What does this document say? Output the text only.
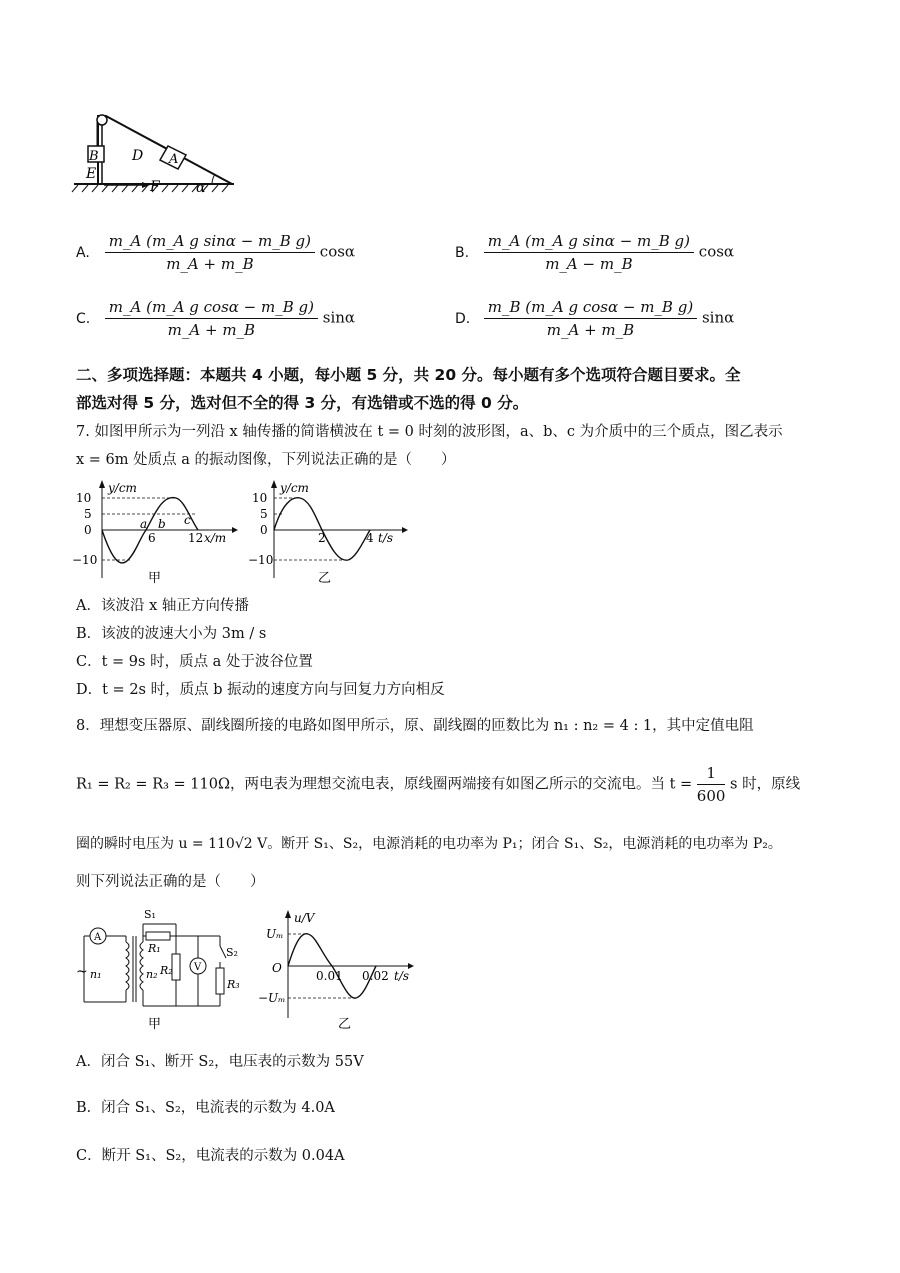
B D A
E
F	α
A. $\frac{\text{m\_A (m\_A g sinα − m\_B g)}}{m\_A + m\_B}$ cosα	B. $\frac{\text{m\_A (m\_A g sinα − m\_B g)}}{m\_A - m\_B}$ cosα
C. $\frac{\text{m\_A (m\_A g cosα − m\_B g)}}{m\_A + m\_B}$ sinα	D. $\frac{\text{m\_B (m\_A g cosα − m\_B g)}}{m\_A + m\_B}$ sinα
二、多项选择题：本题共 4 小题，每小题 5 分，共 20 分。每小题有多个选项符合题目要求。全
部选对得 5 分，选对但不全的得 3 分，有选错或不选的得 0 分。
7. 如图甲所示为一列沿 x 轴传播的简谐横波在 t = 0 时刻的波形图，a、b、c 为介质中的三个质点，图乙表示
x = 6m 处质点 a 的振动图像，下列说法正确的是（　　）
10
5
0
−10
y/cm
6	12 x/m
a b c
甲
10
5
0
−10
y/cm
2	4 t/s
乙
A．该波沿 x 轴正方向传播
B．该波的波速大小为 3m / s
C．t = 9s 时，质点 a 处于波谷位置
D．t = 2s 时，质点 b 振动的速度方向与回复力方向相反
8．理想变压器原、副线圈所接的电路如图甲所示，原、副线圈的匝数比为 n₁ : n₂ = 4 : 1，其中定值电阻
R₁ = R₂ = R₃ = 110Ω，两电表为理想交流电表，原线圈两端接有如图乙所示的交流电。当 $t = \frac{1}{600}$ s 时，原线
圈的瞬时电压为 u = 110√2 V。断开 S₁、S₂，电源消耗的电功率为 P₁；闭合 S₁、S₂，电源消耗的电功率为 P₂。
则下列说法正确的是（　　）
A
~ n₁	n₂
S₁
R₁
R₂ V
S₂
R₃
甲
u/V
Uₘ
O
−Uₘ
0.01 0.02 t/s
乙
A．闭合 S₁、断开 S₂，电压表的示数为 55V
B．闭合 S₁、S₂，电流表的示数为 4.0A
C．断开 S₁、S₂，电流表的示数为 0.04A
